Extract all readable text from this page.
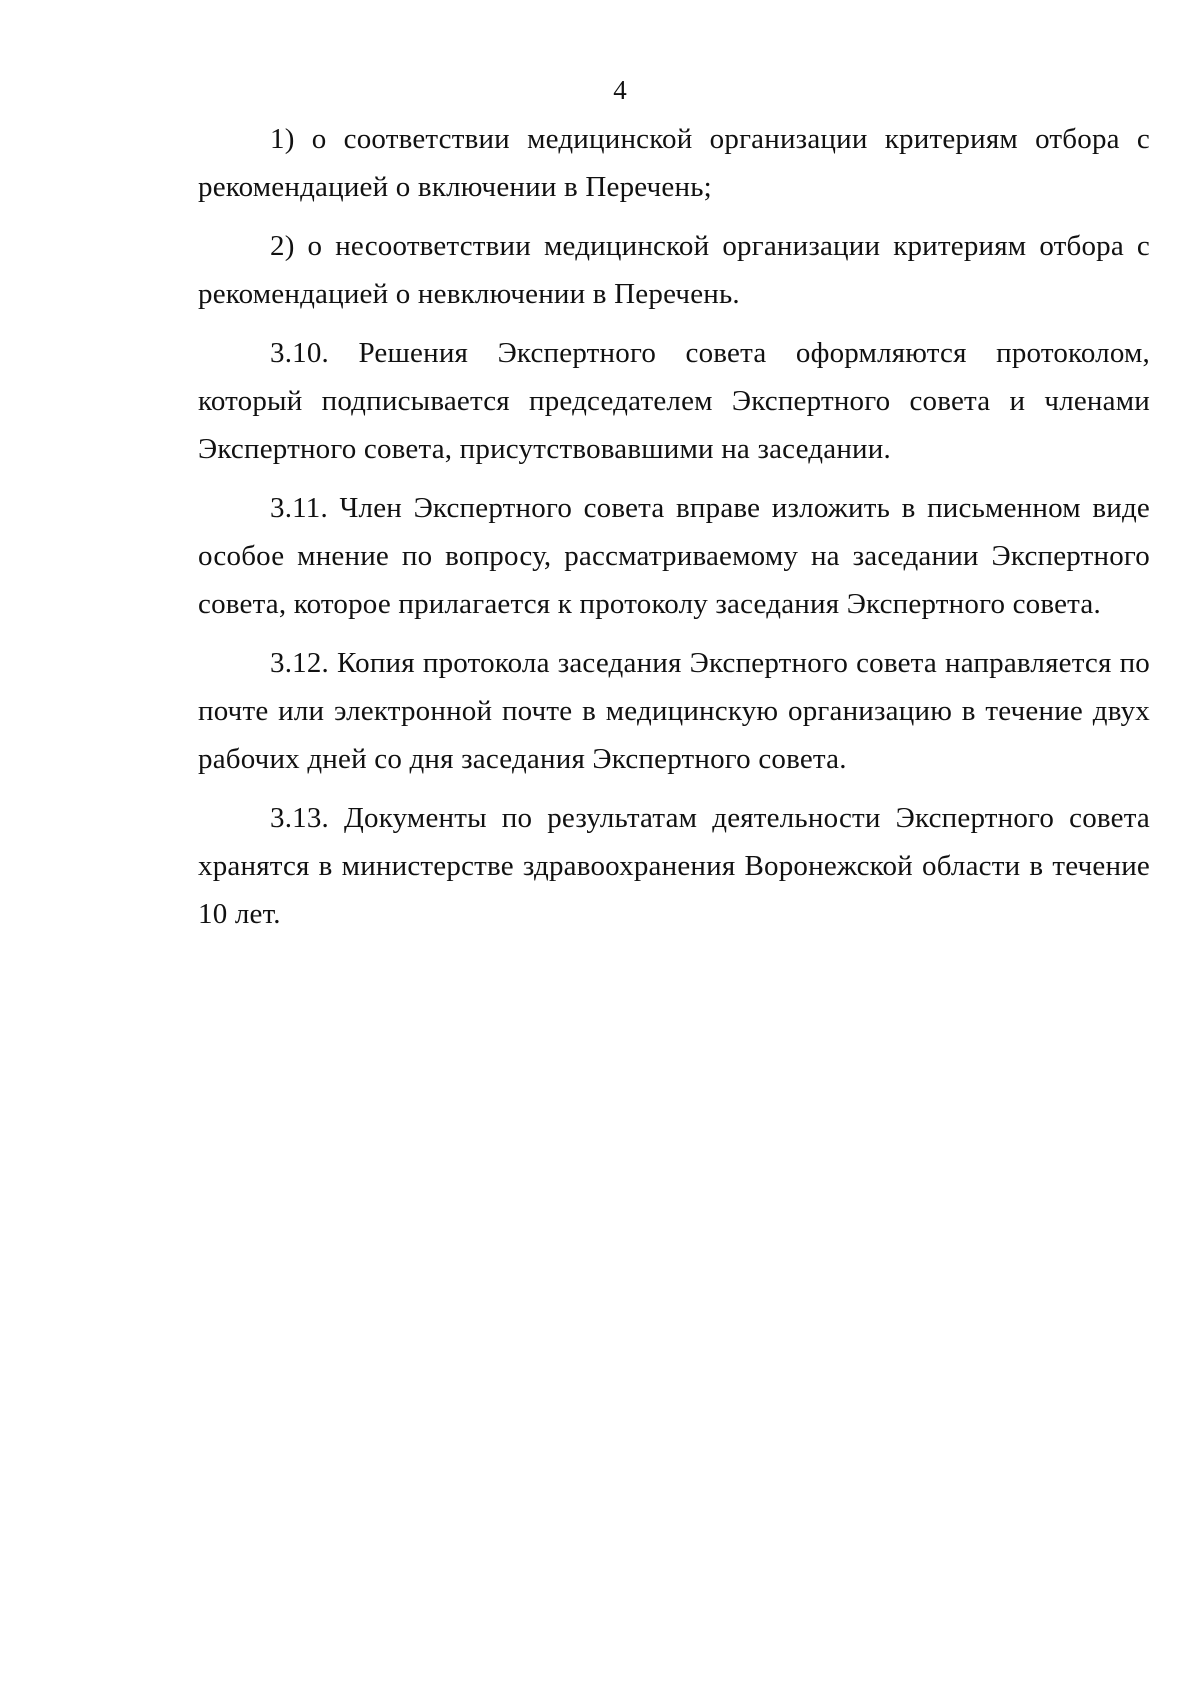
4

1) о соответствии медицинской организации критериям отбора с рекомендацией о включении в Перечень;

2) о несоответствии медицинской организации критериям отбора с рекомендацией о невключении в Перечень.

3.10. Решения Экспертного совета оформляются протоколом, который подписывается председателем Экспертного совета и членами Экспертного совета, присутствовавшими на заседании.

3.11. Член Экспертного совета вправе изложить в письменном виде особое мнение по вопросу, рассматриваемому на заседании Экспертного совета, которое прилагается к протоколу заседания Экспертного совета.

3.12. Копия протокола заседания Экспертного совета направляется по почте или электронной почте в медицинскую организацию в течение двух рабочих дней со дня заседания Экспертного совета.

3.13. Документы по результатам деятельности Экспертного совета хранятся в министерстве здравоохранения Воронежской области в течение 10 лет.
